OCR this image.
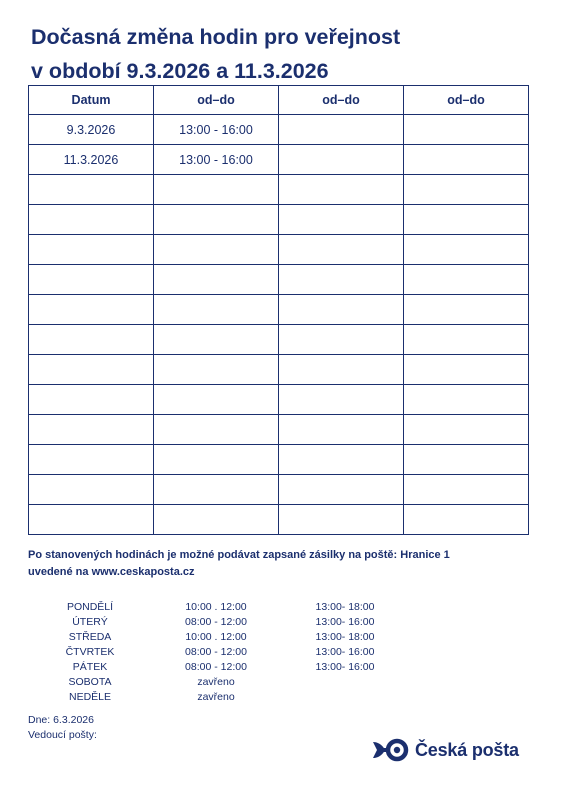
Dočasná změna hodin pro veřejnost
v období 9.3.2026 a 11.3.2026
Datum	od–do	od–do	od–do
9.3.2026	13:00 - 16:00		
11.3.2026	13:00 - 16:00		

Po stanovených hodinách je možné podávat zapsané zásilky na poště: Hranice 1
uvedené na www.ceskaposta.cz
PONDĚLÍ	10:00 . 12:00	13:00- 18:00
ÚTERÝ	08:00 - 12:00	13:00- 16:00
STŘEDA	10:00 . 12:00	13:00- 18:00
ČTVRTEK	08:00 - 12:00	13:00- 16:00
PÁTEK	08:00 - 12:00	13:00- 16:00
SOBOTA	zavřeno
NEDĚLE	zavřeno
Dne: 6.3.2026
Vedoucí pošty:
Česká pošta
